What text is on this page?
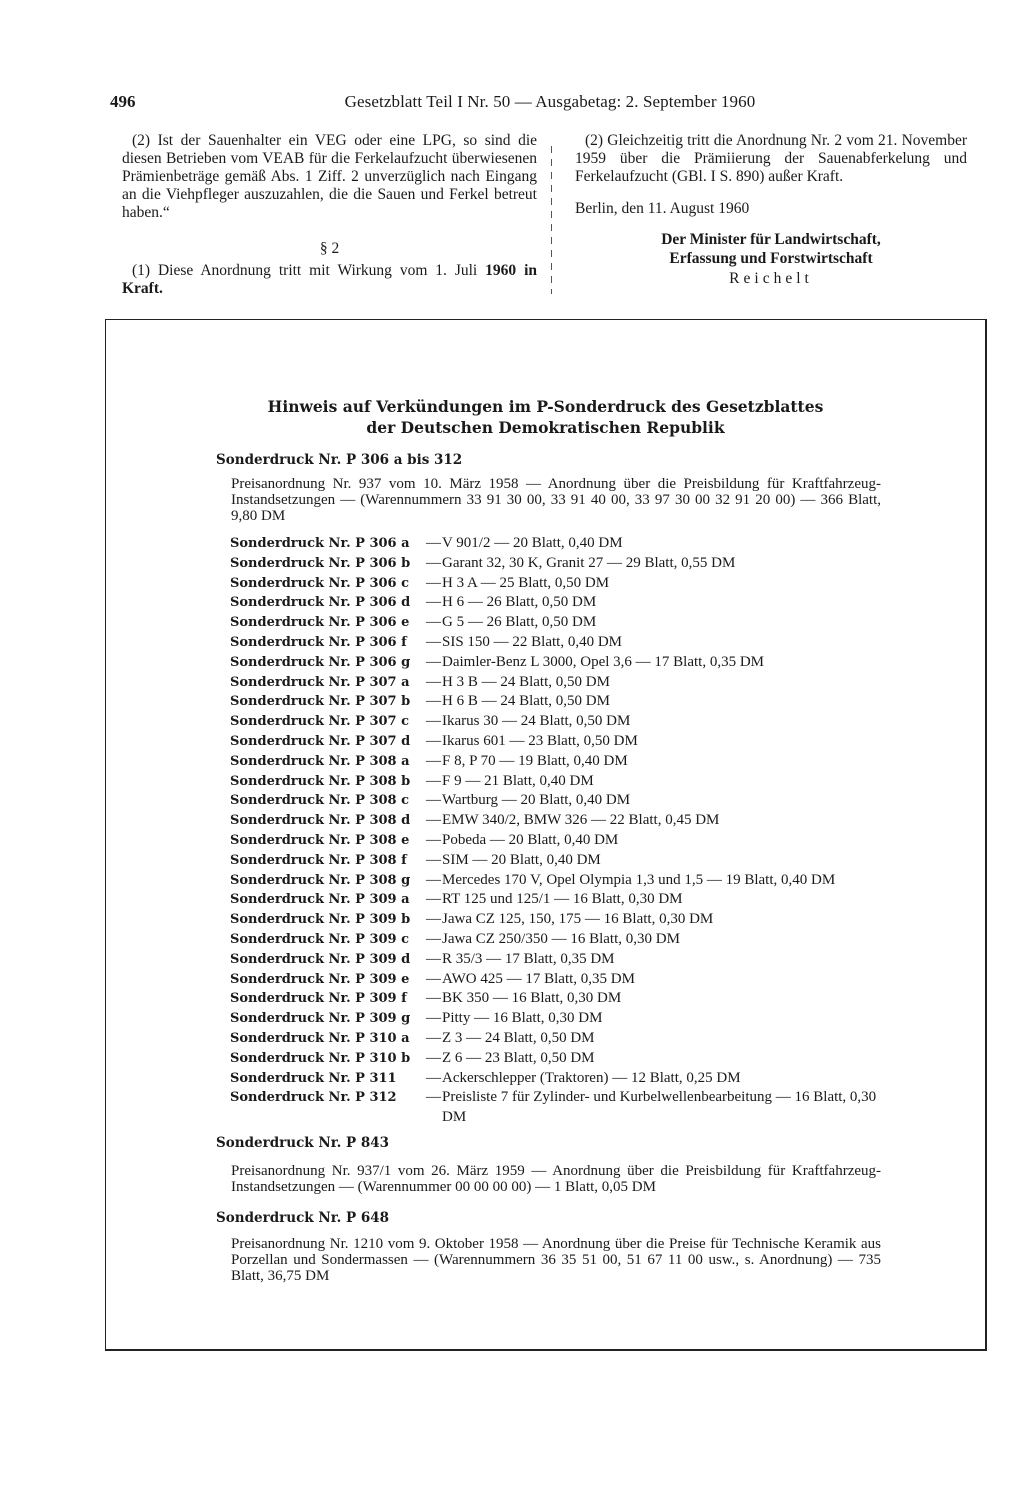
496	Gesetzblatt Teil I Nr. 50 — Ausgabetag: 2. September 1960

(2) Ist der Sauenhalter ein VEG oder eine LPG, so sind die diesen Betrieben vom VEAB für die Ferkelaufzucht überwiesenen Prämienbeträge gemäß Abs. 1 Ziff. 2 unverzüglich nach Eingang an die Viehpfleger auszuzahlen, die die Sauen und Ferkel betreut haben.“

§ 2

(1) Diese Anordnung tritt mit Wirkung vom 1. Juli 1960 in Kraft.

(2) Gleichzeitig tritt die Anordnung Nr. 2 vom 21. November 1959 über die Prämiierung der Sauenabferkelung und Ferkelaufzucht (GBl. I S. 890) außer Kraft.

Berlin, den 11. August 1960

Der Minister für Landwirtschaft,
Erfassung und Forstwirtschaft
Reichelt
Hinweis auf Verkündungen im P-Sonderdruck des Gesetzblattes
der Deutschen Demokratischen Republik
Sonderdruck Nr. P 306 a bis 312
Preisanordnung Nr. 937 vom 10. März 1958 — Anordnung über die Preisbildung für Kraftfahrzeug-Instandsetzungen — (Warennummern 33 91 30 00, 33 91 40 00, 33 97 30 00 32 91 20 00) — 366 Blatt, 9,80 DM
Sonderdruck Nr. P 306 a	— V 901/2 — 20 Blatt, 0,40 DM
Sonderdruck Nr. P 306 b	— Garant 32, 30 K, Granit 27 — 29 Blatt, 0,55 DM
Sonderdruck Nr. P 306 c	— H 3 A — 25 Blatt, 0,50 DM
Sonderdruck Nr. P 306 d	— H 6 — 26 Blatt, 0,50 DM
Sonderdruck Nr. P 306 e	— G 5 — 26 Blatt, 0,50 DM
Sonderdruck Nr. P 306 f	— SIS 150 — 22 Blatt, 0,40 DM
Sonderdruck Nr. P 306 g	— Daimler-Benz L 3000, Opel 3,6 — 17 Blatt, 0,35 DM
Sonderdruck Nr. P 307 a	— H 3 B — 24 Blatt, 0,50 DM
Sonderdruck Nr. P 307 b	— H 6 B — 24 Blatt, 0,50 DM
Sonderdruck Nr. P 307 c	— Ikarus 30 — 24 Blatt, 0,50 DM
Sonderdruck Nr. P 307 d	— Ikarus 601 — 23 Blatt, 0,50 DM
Sonderdruck Nr. P 308 a	— F 8, P 70 — 19 Blatt, 0,40 DM
Sonderdruck Nr. P 308 b	— F 9 — 21 Blatt, 0,40 DM
Sonderdruck Nr. P 308 c	— Wartburg — 20 Blatt, 0,40 DM
Sonderdruck Nr. P 308 d	— EMW 340/2, BMW 326 — 22 Blatt, 0,45 DM
Sonderdruck Nr. P 308 e	— Pobeda — 20 Blatt, 0,40 DM
Sonderdruck Nr. P 308 f	— SIM — 20 Blatt, 0,40 DM
Sonderdruck Nr. P 308 g	— Mercedes 170 V, Opel Olympia 1,3 und 1,5 — 19 Blatt, 0,40 DM
Sonderdruck Nr. P 309 a	— RT 125 und 125/1 — 16 Blatt, 0,30 DM
Sonderdruck Nr. P 309 b	— Jawa CZ 125, 150, 175 — 16 Blatt, 0,30 DM
Sonderdruck Nr. P 309 c	— Jawa CZ 250/350 — 16 Blatt, 0,30 DM
Sonderdruck Nr. P 309 d	— R 35/3 — 17 Blatt, 0,35 DM
Sonderdruck Nr. P 309 e	— AWO 425 — 17 Blatt, 0,35 DM
Sonderdruck Nr. P 309 f	— BK 350 — 16 Blatt, 0,30 DM
Sonderdruck Nr. P 309 g	— Pitty — 16 Blatt, 0,30 DM
Sonderdruck Nr. P 310 a	— Z 3 — 24 Blatt, 0,50 DM
Sonderdruck Nr. P 310 b	— Z 6 — 23 Blatt, 0,50 DM
Sonderdruck Nr. P 311	— Ackerschlepper (Traktoren) — 12 Blatt, 0,25 DM
Sonderdruck Nr. P 312	— Preisliste 7 für Zylinder- und Kurbelwellenbearbeitung — 16 Blatt, 0,30 DM
Sonderdruck Nr. P 843
Preisanordnung Nr. 937/1 vom 26. März 1959 — Anordnung über die Preisbildung für Kraftfahrzeug-Instandsetzungen — (Warennummer 00 00 00 00) — 1 Blatt, 0,05 DM
Sonderdruck Nr. P 648
Preisanordnung Nr. 1210 vom 9. Oktober 1958 — Anordnung über die Preise für Technische Keramik aus Porzellan und Sondermassen — (Warennummern 36 35 51 00, 51 67 11 00 usw., s. Anordnung) — 735 Blatt, 36,75 DM
